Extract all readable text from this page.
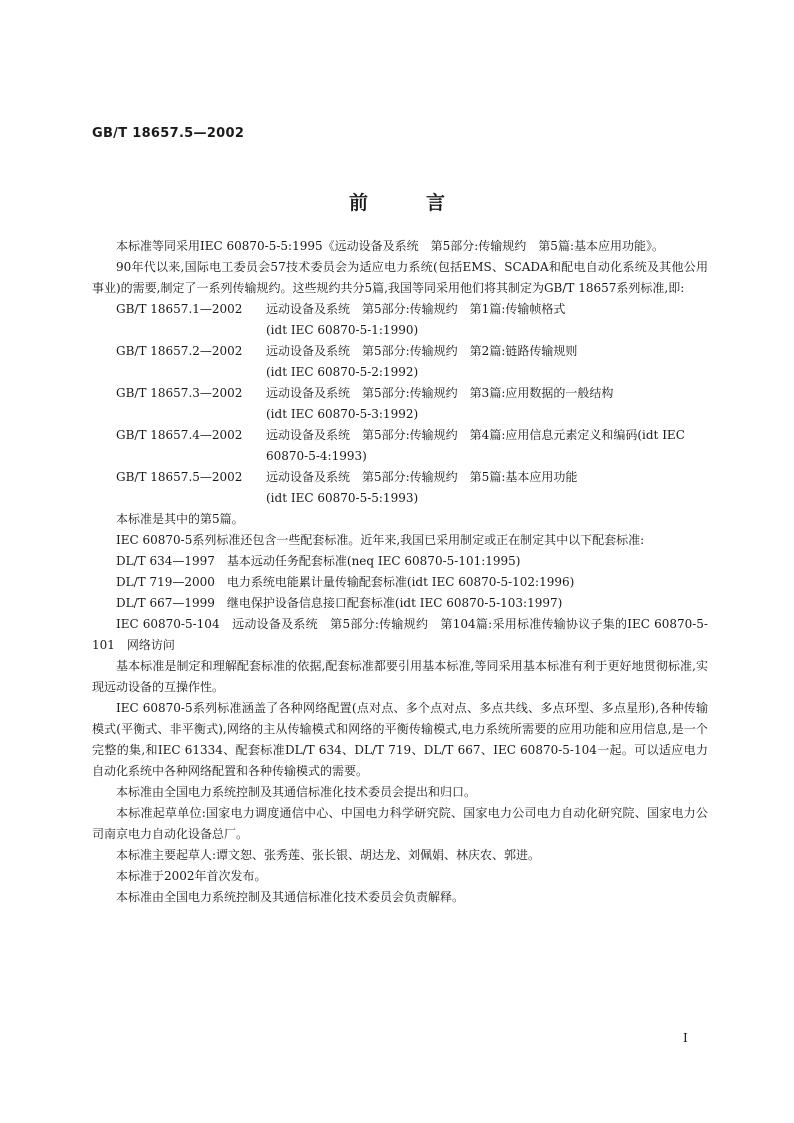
GB/T 18657.5—2002
前言

本标准等同采用IEC 60870-5-5:1995《远动设备及系统　第5部分:传输规约　第5篇:基本应用功能》。

90年代以来,国际电工委员会57技术委员会为适应电力系统(包括EMS、SCADA和配电自动化系统及其他公用事业)的需要,制定了一系列传输规约。这些规约共分5篇,我国等同采用他们将其制定为GB/T 18657系列标准,即:

GB/T 18657.1—2002	远动设备及系统　第5部分:传输规约　第1篇:传输帧格式
(idt IEC 60870-5-1:1990)
GB/T 18657.2—2002	远动设备及系统　第5部分:传输规约　第2篇:链路传输规则
(idt IEC 60870-5-2:1992)
GB/T 18657.3—2002	远动设备及系统　第5部分:传输规约　第3篇:应用数据的一般结构
(idt IEC 60870-5-3:1992)
GB/T 18657.4—2002	远动设备及系统　第5部分:传输规约　第4篇:应用信息元素定义和编码(idt IEC 60870-5-4:1993)
GB/T 18657.5—2002	远动设备及系统　第5部分:传输规约　第5篇:基本应用功能
(idt IEC 60870-5-5:1993)

本标准是其中的第5篇。

IEC 60870-5系列标准还包含一些配套标准。近年来,我国已采用制定或正在制定其中以下配套标准:

DL/T 634—1997　基本远动任务配套标准(neq IEC 60870-5-101:1995)

DL/T 719—2000　电力系统电能累计量传输配套标准(idt IEC 60870-5-102:1996)

DL/T 667—1999　继电保护设备信息接口配套标准(idt IEC 60870-5-103:1997)

IEC 60870-5-104　远动设备及系统　第5部分:传输规约　第104篇:采用标准传输协议子集的IEC 60870-5-101　网络访问

基本标准是制定和理解配套标准的依据,配套标准都要引用基本标准,等同采用基本标准有利于更好地贯彻标准,实现远动设备的互操作性。

IEC 60870-5系列标准涵盖了各种网络配置(点对点、多个点对点、多点共线、多点环型、多点星形),各种传输模式(平衡式、非平衡式),网络的主从传输模式和网络的平衡传输模式,电力系统所需要的应用功能和应用信息,是一个完整的集,和IEC 61334、配套标准DL/T 634、DL/T 719、DL/T 667、IEC 60870-5-104一起。可以适应电力自动化系统中各种网络配置和各种传输模式的需要。

本标准由全国电力系统控制及其通信标准化技术委员会提出和归口。

本标准起草单位:国家电力调度通信中心、中国电力科学研究院、国家电力公司电力自动化研究院、国家电力公司南京电力自动化设备总厂。

本标准主要起草人:谭文恕、张秀莲、张长银、胡达龙、刘佩娟、林庆农、郭进。

本标准于2002年首次发布。

本标准由全国电力系统控制及其通信标准化技术委员会负责解释。

I
